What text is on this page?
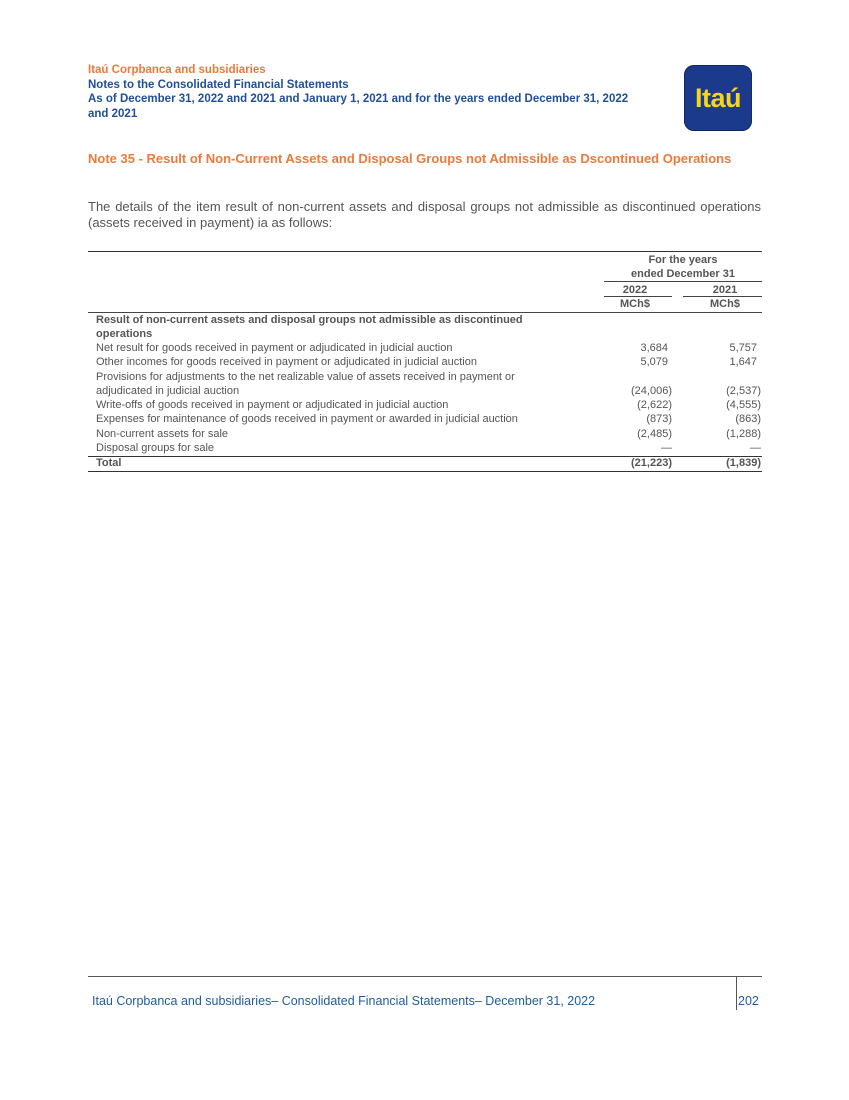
Itaú Corpbanca and subsidiaries
Notes to the Consolidated Financial Statements
As of December 31, 2022 and 2021 and January 1, 2021 and for the years ended December 31, 2022
and 2021
Itaú
Note 35 - Result of Non-Current Assets and Disposal Groups not Admissible as Dscontinued Operations
The details of the item result of non-current assets and disposal groups not admissible as discontinued operations (assets received in payment) ia as follows:
For the years
ended December 31
2022	2021
MCh$	MCh$
Result of non-current assets and disposal groups not admissible as discontinued
operations
Net result for goods received in payment or adjudicated in judicial auction	3,684	5,757
Other incomes for goods received in payment or adjudicated in judicial auction	5,079	1,647
Provisions for adjustments to the net realizable value of assets received in payment or
adjudicated in judicial auction	(24,006)	(2,537)
Write-offs of goods received in payment or adjudicated in judicial auction	(2,622)	(4,555)
Expenses for maintenance of goods received in payment or awarded in judicial auction	(873)	(863)
Non-current assets for sale	(2,485)	(1,288)
Disposal groups for sale	—	—
Total	(21,223)	(1,839)
Itaú Corpbanca and subsidiaries– Consolidated Financial Statements– December 31, 2022	202
